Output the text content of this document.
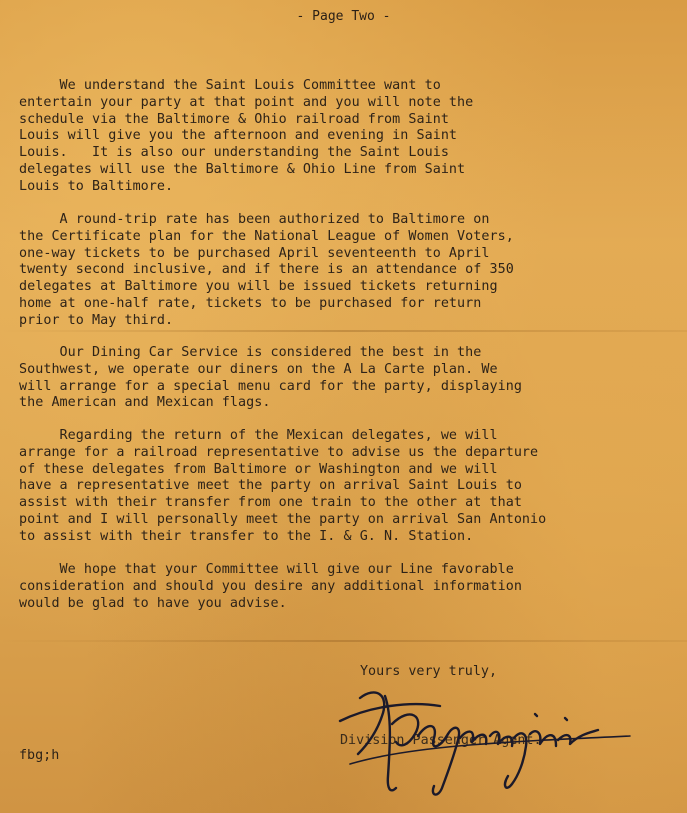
- Page Two -

We understand the Saint Louis Committee want to
entertain your party at that point and you will note the
schedule via the Baltimore & Ohio railroad from Saint
Louis will give you the afternoon and evening in Saint
Louis.   It is also our understanding the Saint Louis
delegates will use the Baltimore & Ohio Line from Saint
Louis to Baltimore.

A round-trip rate has been authorized to Baltimore on
the Certificate plan for the National League of Women Voters,
one-way tickets to be purchased April seventeenth to April
twenty second inclusive, and if there is an attendance of 350
delegates at Baltimore you will be issued tickets returning
home at one-half rate, tickets to be purchased for return
prior to May third.

Our Dining Car Service is considered the best in the
Southwest, we operate our diners on the A La Carte plan. We
will arrange for a special menu card for the party, displaying
the American and Mexican flags.

Regarding the return of the Mexican delegates, we will
arrange for a railroad representative to advise us the departure
of these delegates from Baltimore or Washington and we will
have a representative meet the party on arrival Saint Louis to
assist with their transfer from one train to the other at that
point and I will personally meet the party on arrival San Antonio
to assist with their transfer to the I. & G. N. Station.

We hope that your Committee will give our Line favorable
consideration and should you desire any additional information
would be glad to have you advise.

Yours very truly,
Division Passenger Agent.
fbg;h
